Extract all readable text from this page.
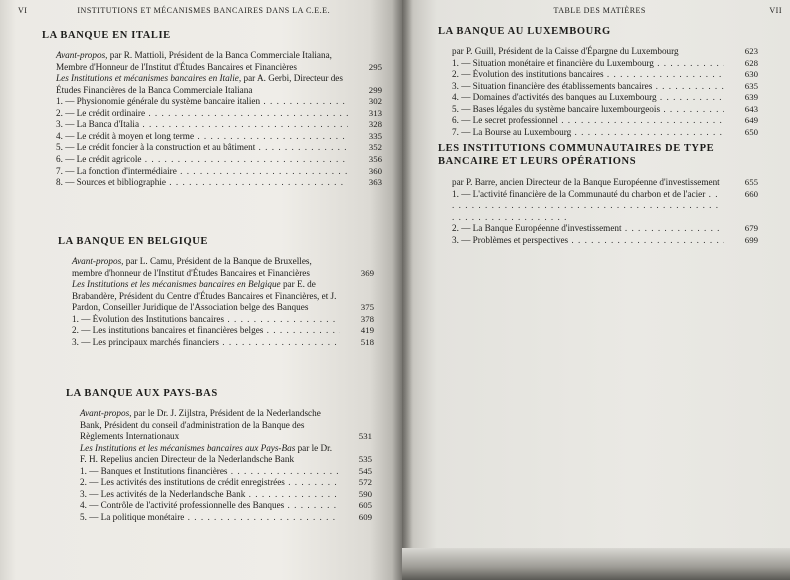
VI	INSTITUTIONS ET MÉCANISMES BANCAIRES DANS LA C.E.E.
LA BANQUE EN ITALIE
Avant-propos, par R. Mattioli, Président de la Banca Commerciale Italiana, Membre d'Honneur de l'Institut d'Études Bancaires et Financières	295
Les Institutions et mécanismes bancaires en Italie, par A. Gerbi, Directeur des Études Financières de la Banca Commerciale Italiana	299
1. — Physionomie générale du système bancaire italien . . .	302
2. — Le crédit ordinaire . . .	313
3. — La Banca d'Italia . . .	328
4. — Le crédit à moyen et long terme . . .	335
5. — Le crédit foncier à la construction et au bâtiment . . .	352
6. — Le crédit agricole . . .	356
7. — La fonction d'intermédiaire . . .	360
8. — Sources et bibliographie . . .	363
LA BANQUE EN BELGIQUE
Avant-propos, par L. Camu, Président de la Banque de Bruxelles, membre d'honneur de l'Institut d'Études Bancaires et Financières	369
Les Institutions et les mécanismes bancaires en Belgique par E. de Brabandère, Président du Centre d'Études Bancaires et Financières, et J. Pardon, Conseiller Juridique de l'Association belge des Banques	375
1. — Évolution des Institutions bancaires . . .	378
2. — Les institutions bancaires et financières belges . . .	419
3. — Les principaux marchés financiers . . .	518
LA BANQUE AUX PAYS-BAS
Avant-propos, par le Dr. J. Zijlstra, Président de la Nederlandsche Bank, Président du conseil d'administration de la Banque des Règlements Internationaux	531
Les Institutions et les mécanismes bancaires aux Pays-Bas par le Dr. F. H. Repelius ancien Directeur de la Nederlandsche Bank	535
1. — Banques et Institutions financières . . .	545
2. — Les activités des institutions de crédit enregistrées . . .	572
3. — Les activités de la Nederlandsche Bank . . .	590
4. — Contrôle de l'activité professionnelle des Banques . . .	605
5. — La politique monétaire . . .	609
TABLE DES MATIÈRES	VII
LA BANQUE AU LUXEMBOURG
par P. Guill, Président de la Caisse d'Épargne du Luxembourg	623
1. — Situation monétaire et financière du Luxembourg . . .	628
2. — Évolution des institutions bancaires . . .	630
3. — Situation financière des établissements bancaires . . .	635
4. — Domaines d'activités des banques au Luxembourg . . .	639
5. — Bases légales du système bancaire luxembourgeois . . .	643
6. — Le secret professionnel . . .	649
7. — La Bourse au Luxembourg . . .	650
LES INSTITUTIONS COMMUNAUTAIRES DE TYPE BANCAIRE ET LEURS OPÉRATIONS
par P. Barre, ancien Directeur de la Banque Européenne d'investissement	655
1. — L'activité financière de la Communauté du charbon et de l'acier . . .	660
2. — La Banque Européenne d'investissement . . .	679
3. — Problèmes et perspectives . . .	699
